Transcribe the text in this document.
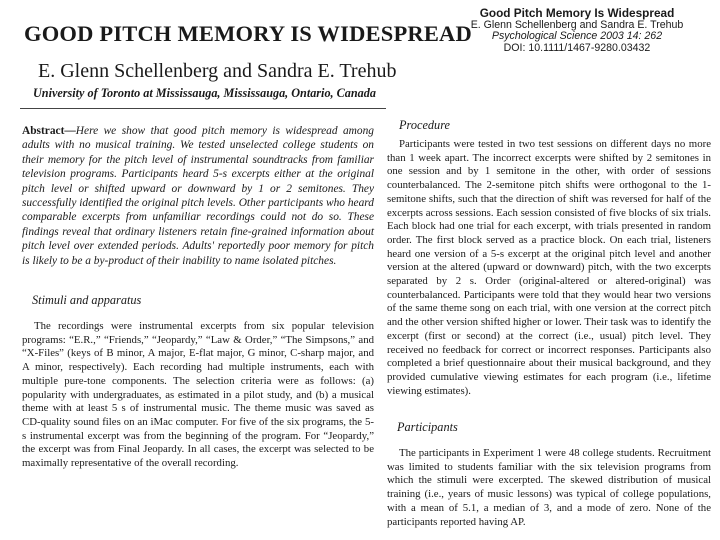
GOOD PITCH MEMORY IS WIDESPREAD
E. Glenn Schellenberg and Sandra E. Trehub
University of Toronto at Mississauga, Mississauga, Ontario, Canada
Good Pitch Memory Is Widespread
E. Glenn Schellenberg and Sandra E. Trehub
Psychological Science 2003 14: 262
DOI: 10.1111/1467-9280.03432
Abstract—Here we show that good pitch memory is widespread among adults with no musical training. We tested unselected college students on their memory for the pitch level of instrumental soundtracks from familiar television programs. Participants heard 5-s excerpts either at the original pitch level or shifted upward or downward by 1 or 2 semitones. They successfully identified the original pitch levels. Other participants who heard comparable excerpts from unfamiliar recordings could not do so. These findings reveal that ordinary listeners retain fine-grained information about pitch level over extended periods. Adults' reportedly poor memory for pitch is likely to be a by-product of their inability to name isolated pitches.
Stimuli and apparatus
The recordings were instrumental excerpts from six popular television programs: “E.R.,” “Friends,” “Jeopardy,” “Law & Order,” “The Simpsons,” and “X-Files” (keys of B minor, A major, E-flat major, G minor, C-sharp major, and A minor, respectively). Each recording had multiple instruments, each with multiple pure-tone components. The selection criteria were as follows: (a) popularity with undergraduates, as estimated in a pilot study, and (b) a musical theme with at least 5 s of instrumental music. The theme music was saved as CD-quality sound files on an iMac computer. For five of the six programs, the 5-s instrumental excerpt was from the beginning of the program. For “Jeopardy,” the excerpt was from Final Jeopardy. In all cases, the excerpt was selected to be maximally representative of the overall recording.
Procedure
Participants were tested in two test sessions on different days no more than 1 week apart. The incorrect excerpts were shifted by 2 semitones in one session and by 1 semitone in the other, with order of sessions counterbalanced. The 2-semitone pitch shifts were orthogonal to the 1-semitone shifts, such that the direction of shift was reversed for half of the excerpts across sessions. Each session consisted of five blocks of six trials. Each block had one trial for each excerpt, with trials presented in random order. The first block served as a practice block. On each trial, listeners heard one version of a 5-s excerpt at the original pitch level and another version at the altered (upward or downward) pitch, with the two excerpts separated by 2 s. Order (original-altered or altered-original) was counterbalanced. Participants were told that they would hear two versions of the same theme song on each trial, with one version at the correct pitch and the other version shifted higher or lower. Their task was to identify the excerpt (first or second) at the correct (i.e., usual) pitch level. They received no feedback for correct or incorrect responses. Participants also completed a brief questionnaire about their musical background, and they provided cumulative viewing estimates for each program (i.e., lifetime viewing estimates).
Participants
The participants in Experiment 1 were 48 college students. Recruitment was limited to students familiar with the six television programs from which the stimuli were excerpted. The skewed distribution of musical training (i.e., years of music lessons) was typical of college populations, with a mean of 5.1, a median of 3, and a mode of zero. None of the participants reported having AP.
